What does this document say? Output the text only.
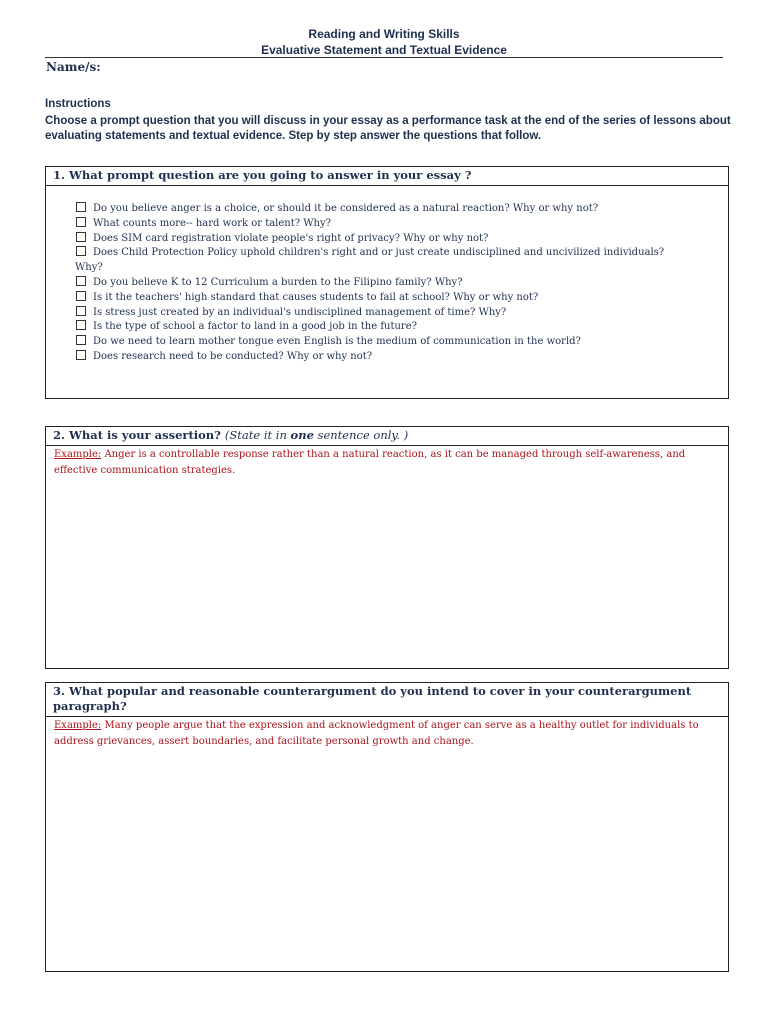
Reading and Writing Skills
Evaluative Statement and Textual Evidence
Name/s:
Instructions
Choose a prompt question that you will discuss in your essay as a performance task at the end of the series of lessons about evaluating statements and textual evidence. Step by step answer the questions that follow.
1. What prompt question are you going to answer in your essay ?
Do you believe anger is a choice, or should it be considered as a natural reaction? Why or why not?
What counts more-- hard work or talent? Why?
Does SIM card registration violate people's right of privacy? Why or why not?
Does Child Protection Policy uphold children's right and or just create undisciplined and uncivilized individuals?
Why?
Do you believe K to 12 Curriculum a burden to the Filipino family? Why?
Is it the teachers' high standard that causes students to fail at school? Why or why not?
Is stress just created by an individual's undisciplined management of time? Why?
Is the type of school a factor to land in a good job in the future?
Do we need to learn mother tongue even English is the medium of communication in the world?
Does research need to be conducted? Why or why not?
2. What is your assertion? (State it in one sentence only. )
Example: Anger is a controllable response rather than a natural reaction, as it can be managed through self-awareness, and effective communication strategies.
3. What popular and reasonable counterargument do you intend to cover in your counterargument paragraph?
Example: Many people argue that the expression and acknowledgment of anger can serve as a healthy outlet for individuals to address grievances, assert boundaries, and facilitate personal growth and change.
